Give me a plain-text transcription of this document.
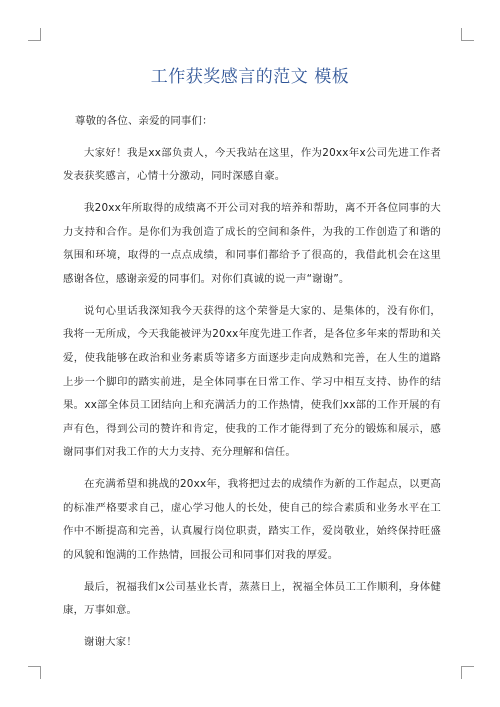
工作获奖感言的范文 模板

尊敬的各位、亲爱的同事们：

大家好！我是xx部负责人，今天我站在这里，作为20xx年x公司先进工作者发表获奖感言，心情十分激动，同时深感自豪。

我20xx年所取得的成绩离不开公司对我的培养和帮助，离不开各位同事的大力支持和合作。是你们为我创造了成长的空间和条件，为我的工作创造了和谐的氛围和环境，取得的一点点成绩，和同事们都给予了很高的，我借此机会在这里感谢各位，感谢亲爱的同事们。对你们真诚的说一声“谢谢”。

说句心里话我深知我今天获得的这个荣誉是大家的、是集体的，没有你们，我将一无所成，今天我能被评为20xx年度先进工作者，是各位多年来的帮助和关爱，使我能够在政治和业务素质等诸多方面逐步走向成熟和完善，在人生的道路上步一个脚印的踏实前进，是全体同事在日常工作、学习中相互支持、协作的结果。xx部全体员工团结向上和充满活力的工作热情，使我们xx部的工作开展的有声有色，得到公司的赞许和肯定，使我的工作才能得到了充分的锻炼和展示，感谢同事们对我工作的大力支持、充分理解和信任。

在充满希望和挑战的20xx年，我将把过去的成绩作为新的工作起点，以更高的标准严格要求自己，虚心学习他人的长处，使自己的综合素质和业务水平在工作中不断提高和完善，认真履行岗位职责，踏实工作，爱岗敬业，始终保持旺盛的风貌和饱满的工作热情，回报公司和同事们对我的厚爱。

最后，祝福我们x公司基业长青，蒸蒸日上，祝福全体员工工作顺利，身体健康，万事如意。

谢谢大家！
